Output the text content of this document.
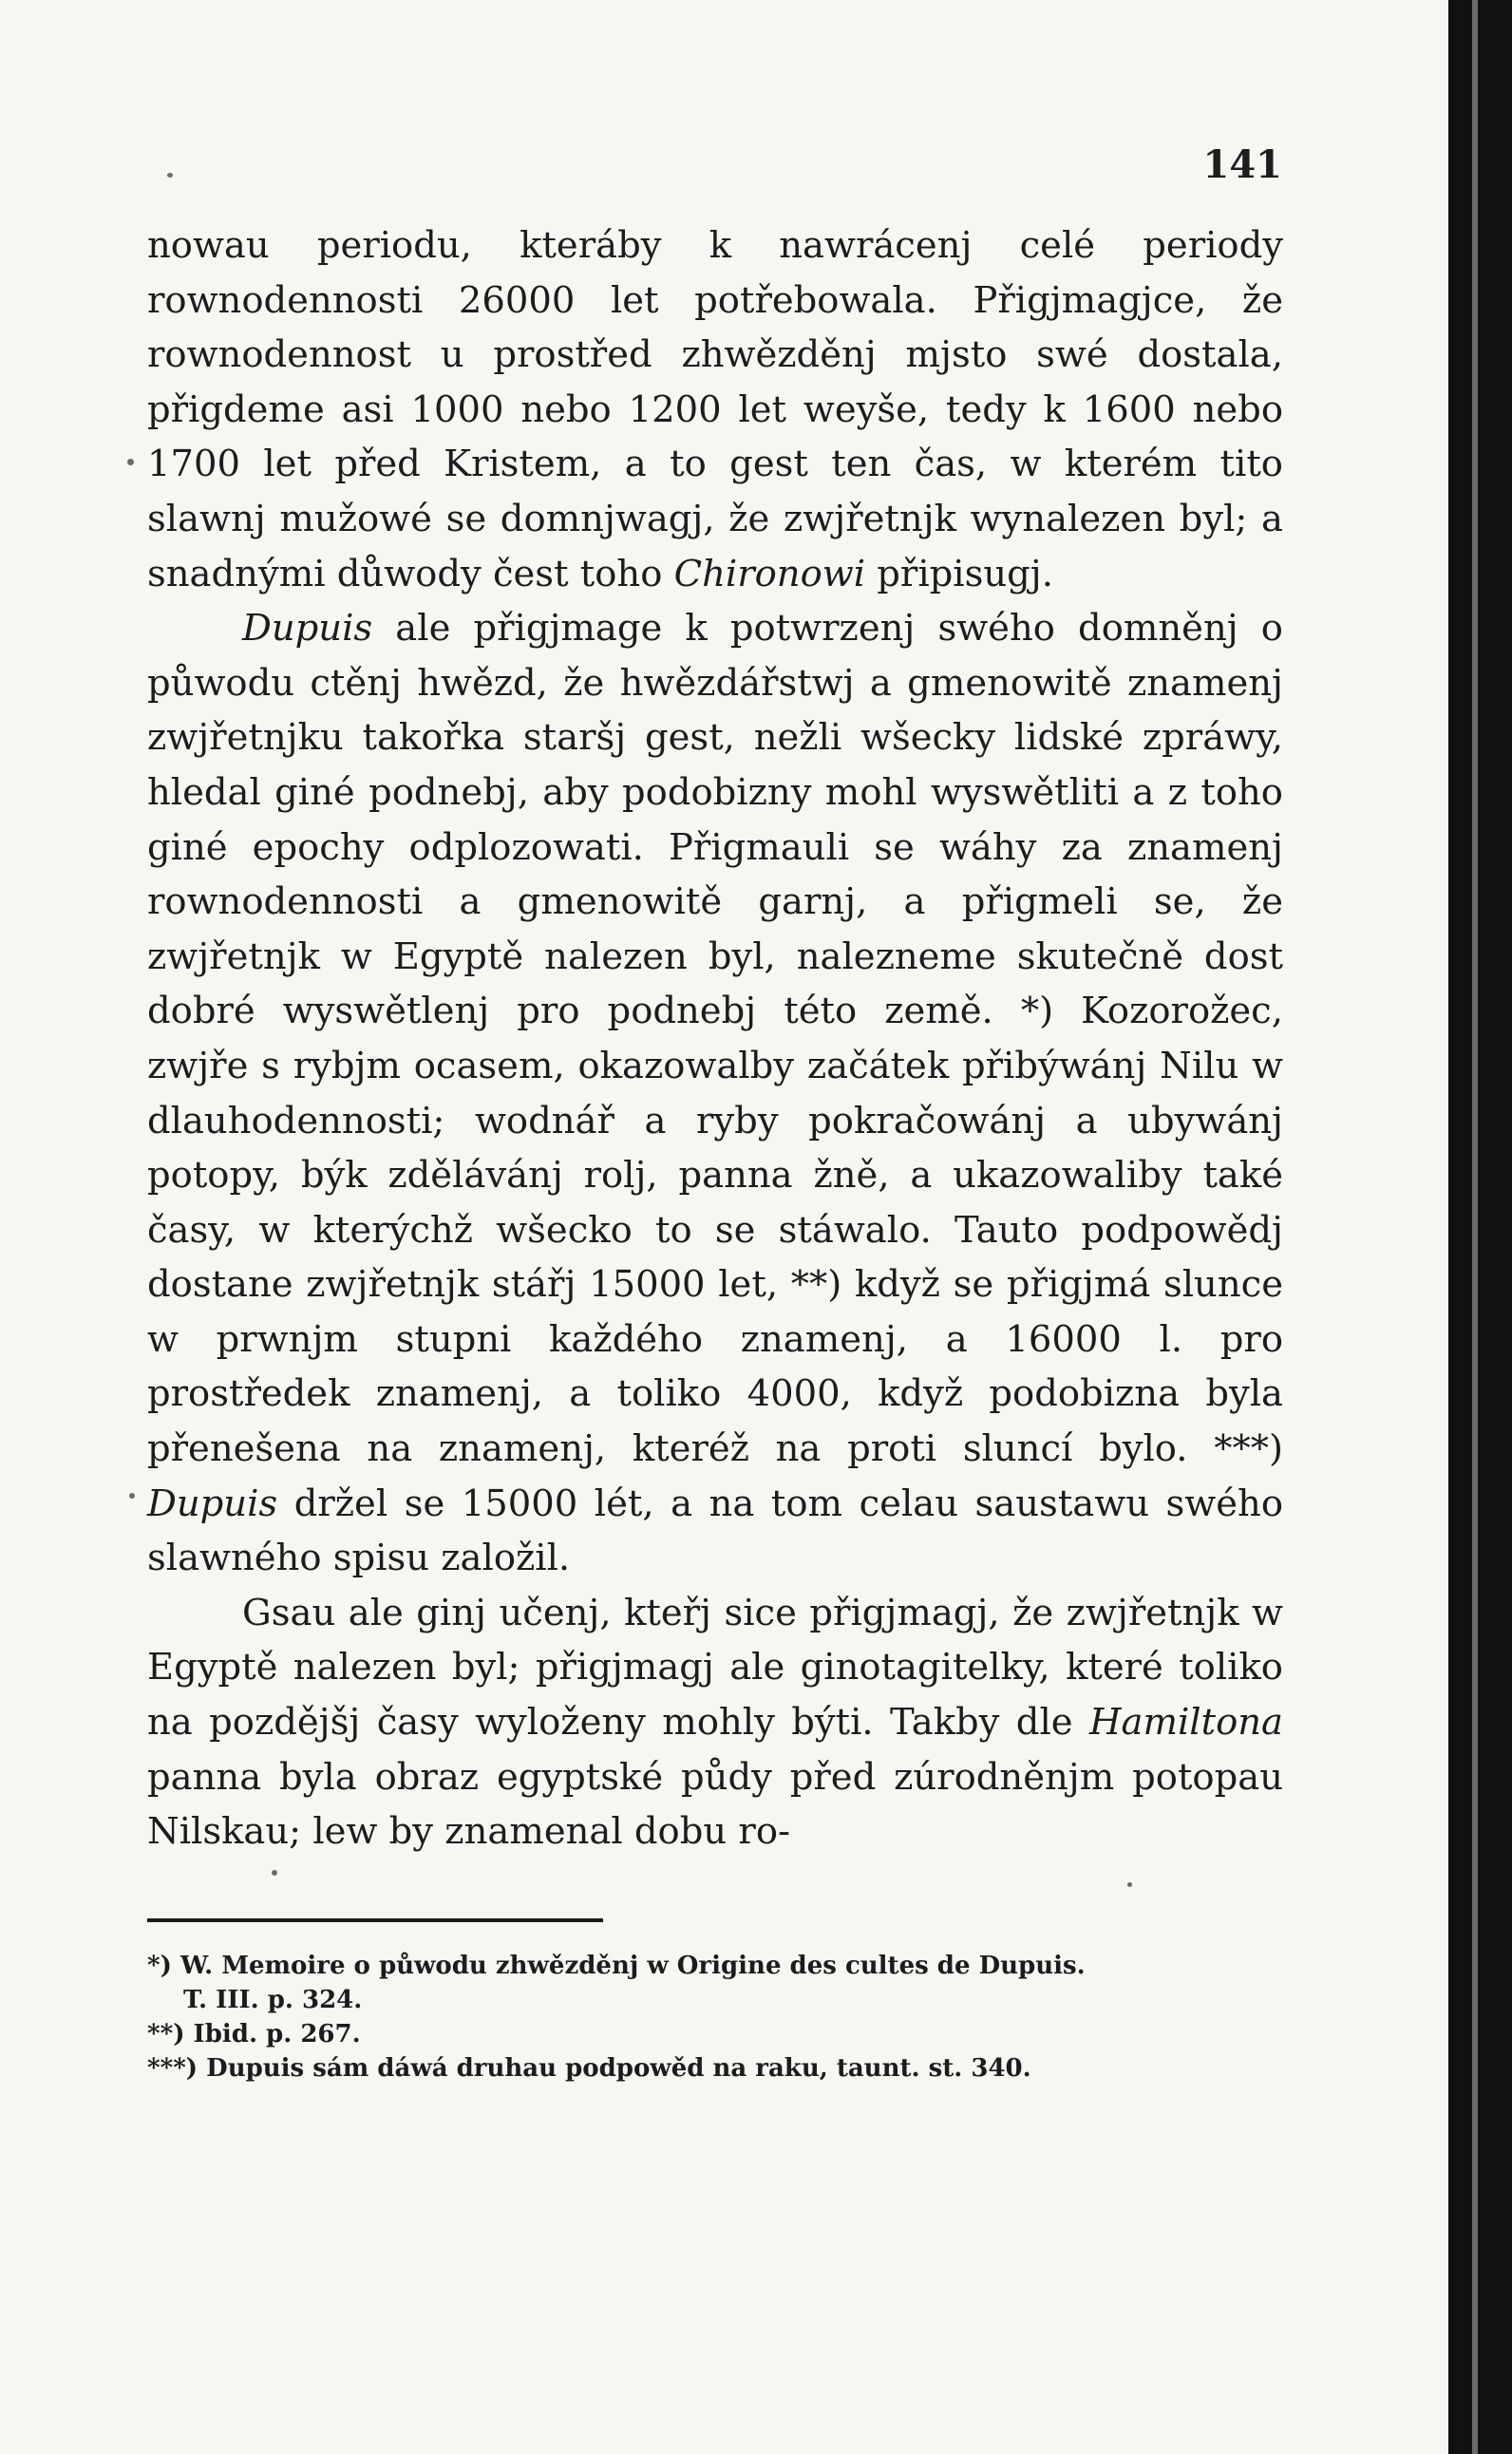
141

nowau periodu, kteráby k nawrácenj celé periody rownodennosti 26000 let potřebowala. Přigjmagjce, že rownodennost u prostřed zhwězděnj mjsto swé dostala, přigdeme asi 1000 nebo 1200 let weyše, tedy k 1600 nebo 1700 let před Kristem, a to gest ten čas, w kterém tito slawnj mužowé se domnjwagj, že zwjřetnjk wynalezen byl; a snadnými důwody čest toho Chironowi připisugj.

Dupuis ale přigjmage k potwrzenj swého domněnj o půwodu ctěnj hwězd, že hwězdářstwj a gmenowitě znamenj zwjřetnjku takořka staršj gest, nežli wšecky lidské zpráwy, hledal giné podnebj, aby podobizny mohl wyswětliti a z toho giné epochy odplozowati. Přigmauli se wáhy za znamenj rownodennosti a gmenowitě garnj, a přigmeli se, že zwjřetnjk w Egyptě nalezen byl, nalezneme skutečně dost dobré wyswětlenj pro podnebj této země. *) Kozorožec, zwjře s rybjm ocasem, okazowalby začátek přibýwánj Nilu w dlauhodennosti; wodnář a ryby pokračowánj a ubywánj potopy, býk zdělávánj rolj, panna žně, a ukazowaliby také časy, w kterýchž wšecko to se stáwalo. Tauto podpowědj dostane zwjřetnjk stářj 15000 let, **) když se přigjmá slunce w prwnjm stupni každého znamenj, a 16000 l. pro prostředek znamenj, a toliko 4000, když podobizna byla přenešena na znamenj, kteréž na proti sluncí bylo. ***) Dupuis držel se 15000 lét, a na tom celau saustawu swého slawného spisu založil.

Gsau ale ginj učenj, kteřj sice přigjmagj, že zwjřetnjk w Egyptě nalezen byl; přigjmagj ale ginotagitelky, které toliko na pozdějšj časy wyloženy mohly býti. Takby dle Hamiltona panna byla obraz egyptské půdy před zúrodněnjm potopau Nilskau; lew by znamenal dobu ro-

*) W. Memoire o půwodu zhwězděnj w Origine des cultes de Dupuis.
T. III. p. 324.
**) Ibid. p. 267.
***) Dupuis sám dáwá druhau podpowěd na raku, taunt. st. 340.
